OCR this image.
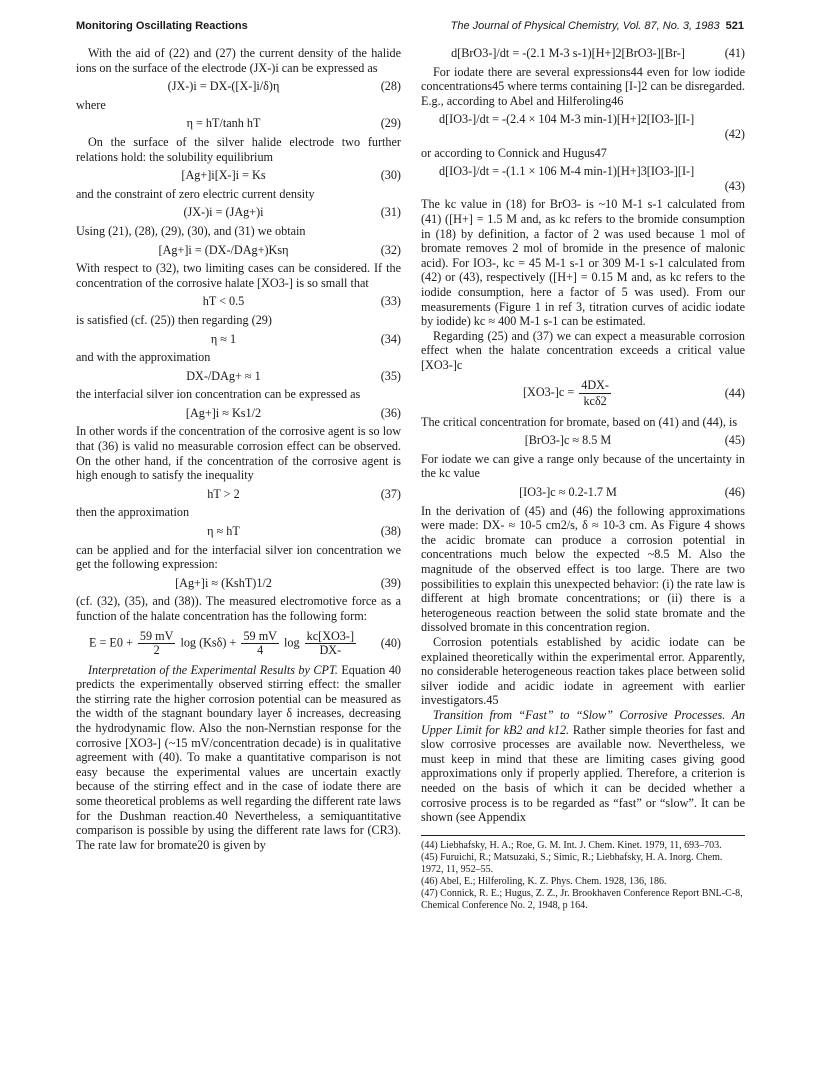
Monitoring Oscillating Reactions	The Journal of Physical Chemistry, Vol. 87, No. 3, 1983 521

With the aid of (22) and (27) the current density of the halide ions on the surface of the electrode (JX-)i can be expressed as

(JX-)i = DX-([X-]i/δ)η	(28)

where

η = hT/tanh hT	(29)

On the surface of the silver halide electrode two further relations hold: the solubility equilibrium

[Ag+]i[X-]i = Ks	(30)

and the constraint of zero electric current density

(JX-)i = (JAg+)i	(31)

Using (21), (28), (29), (30), and (31) we obtain

[Ag+]i = (DX-/DAg+)Ksη	(32)

With respect to (32), two limiting cases can be considered. If the concentration of the corrosive halate [XO3-] is so small that

hT < 0.5	(33)

is satisfied (cf. (25)) then regarding (29)

η ≈ 1	(34)

and with the approximation

DX-/DAg+ ≈ 1	(35)

the interfacial silver ion concentration can be expressed as

[Ag+]i ≈ Ks1/2	(36)

In other words if the concentration of the corrosive agent is so low that (36) is valid no measurable corrosion effect can be observed. On the other hand, if the concentration of the corrosive agent is high enough to satisfy the inequality

hT > 2	(37)

then the approximation

η ≈ hT	(38)

can be applied and for the interfacial silver ion concentration we get the following expression:

[Ag+]i ≈ (KshT)1/2	(39)

(cf. (32), (35), and (38)). The measured electromotive force as a function of the halate concentration has the following form:

$E = E0 + \frac{59 mV}{2}$ $\log (Ks\delta) + \frac{59 mV}{4}$ $\log \frac{kc[XO3-]}{DX-} (40)$

Interpretation of the Experimental Results by CPT. Equation 40 predicts the experimentally observed stirring effect: the smaller the stirring rate the higher corrosion potential can be measured as the width of the stagnant boundary layer δ increases, decreasing the hydrodynamic flow. Also the non-Nernstian response for the corrosive [XO3-] (~15 mV/concentration decade) is in qualitative agreement with (40). To make a quantitative comparison is not easy because the experimental values are uncertain exactly because of the stirring effect and in the case of iodate there are some theoretical problems as well regarding the different rate laws for the Dushman reaction.40 Nevertheless, a semiquantitative comparison is possible by using the different rate laws for (CR3). The rate law for bromate20 is given by

d[BrO3-]/dt = -(2.1 M-3 s-1)[H+]2[BrO3-][Br-]	(41)

For iodate there are several expressions44 even for low iodide concentrations45 where terms containing [I-]2 can be disregarded. E.g., according to Abel and Hilferoling46

d[IO3-]/dt = -(2.4 × 104 M-3 min-1)[H+]2[IO3-][I-]
(42)

or according to Connick and Hugus47

d[IO3-]/dt = -(1.1 × 106 M-4 min-1)[H+]3[IO3-][I-]
(43)

The kc value in (18) for BrO3- is ~10 M-1 s-1 calculated from (41) ([H+] = 1.5 M and, as kc refers to the bromide consumption in (18) by definition, a factor of 2 was used because 1 mol of bromate removes 2 mol of bromide in the presence of malonic acid). For IO3-, kc = 45 M-1 s-1 or 309 M-1 s-1 calculated from (42) or (43), respectively ([H+] = 0.15 M and, as kc refers to the iodide consumption, here a factor of 5 was used). From our measurements (Figure 1 in ref 3, titration curves of acidic iodate by iodide) kc ≈ 400 M-1 s-1 can be estimated.

Regarding (25) and (37) we can expect a measurable corrosion effect when the halate concentration exceeds a critical value [XO3-]c

$[XO3-]c = \frac{4DX-}{\text{kcδ2}}$	(44)

The critical concentration for bromate, based on (41) and (44), is

[BrO3-]c ≈ 8.5 M	(45)

For iodate we can give a range only because of the uncertainty in the kc value

[IO3-]c ≈ 0.2-1.7 M	(46)

In the derivation of (45) and (46) the following approximations were made: DX- ≈ 10-5 cm2/s, δ ≈ 10-3 cm. As Figure 4 shows the acidic bromate can produce a corrosion potential in concentrations much below the expected ~8.5 M. Also the magnitude of the observed effect is too large. There are two possibilities to explain this unexpected behavior: (i) the rate law is different at high bromate concentrations; or (ii) there is a heterogeneous reaction between the solid state bromate and the dissolved bromate in this concentration region.

Corrosion potentials established by acidic iodate can be explained theoretically within the experimental error. Apparently, no considerable heterogeneous reaction takes place between solid silver iodide and acidic iodate in agreement with earlier investigators.45

Transition from “Fast” to “Slow” Corrosive Processes. An Upper Limit for kB2 and k12. Rather simple theories for fast and slow corrosive processes are available now. Nevertheless, we must keep in mind that these are limiting cases giving good approximations only if properly applied. Therefore, a criterion is needed on the basis of which it can be decided whether a corrosive process is to be regarded as “fast” or “slow”. It can be shown (see Appendix

(44) Liebhafsky, H. A.; Roe, G. M. Int. J. Chem. Kinet. 1979, 11, 693–703.
(45) Furuichi, R.; Matsuzaki, S.; Simic, R.; Liebhafsky, H. A. Inorg. Chem. 1972, 11, 952–55.
(46) Abel, E.; Hilferoling, K. Z. Phys. Chem. 1928, 136, 186.
(47) Connick, R. E.; Hugus, Z. Z., Jr. Brookhaven Conference Report BNL-C-8, Chemical Conference No. 2, 1948, p 164.
